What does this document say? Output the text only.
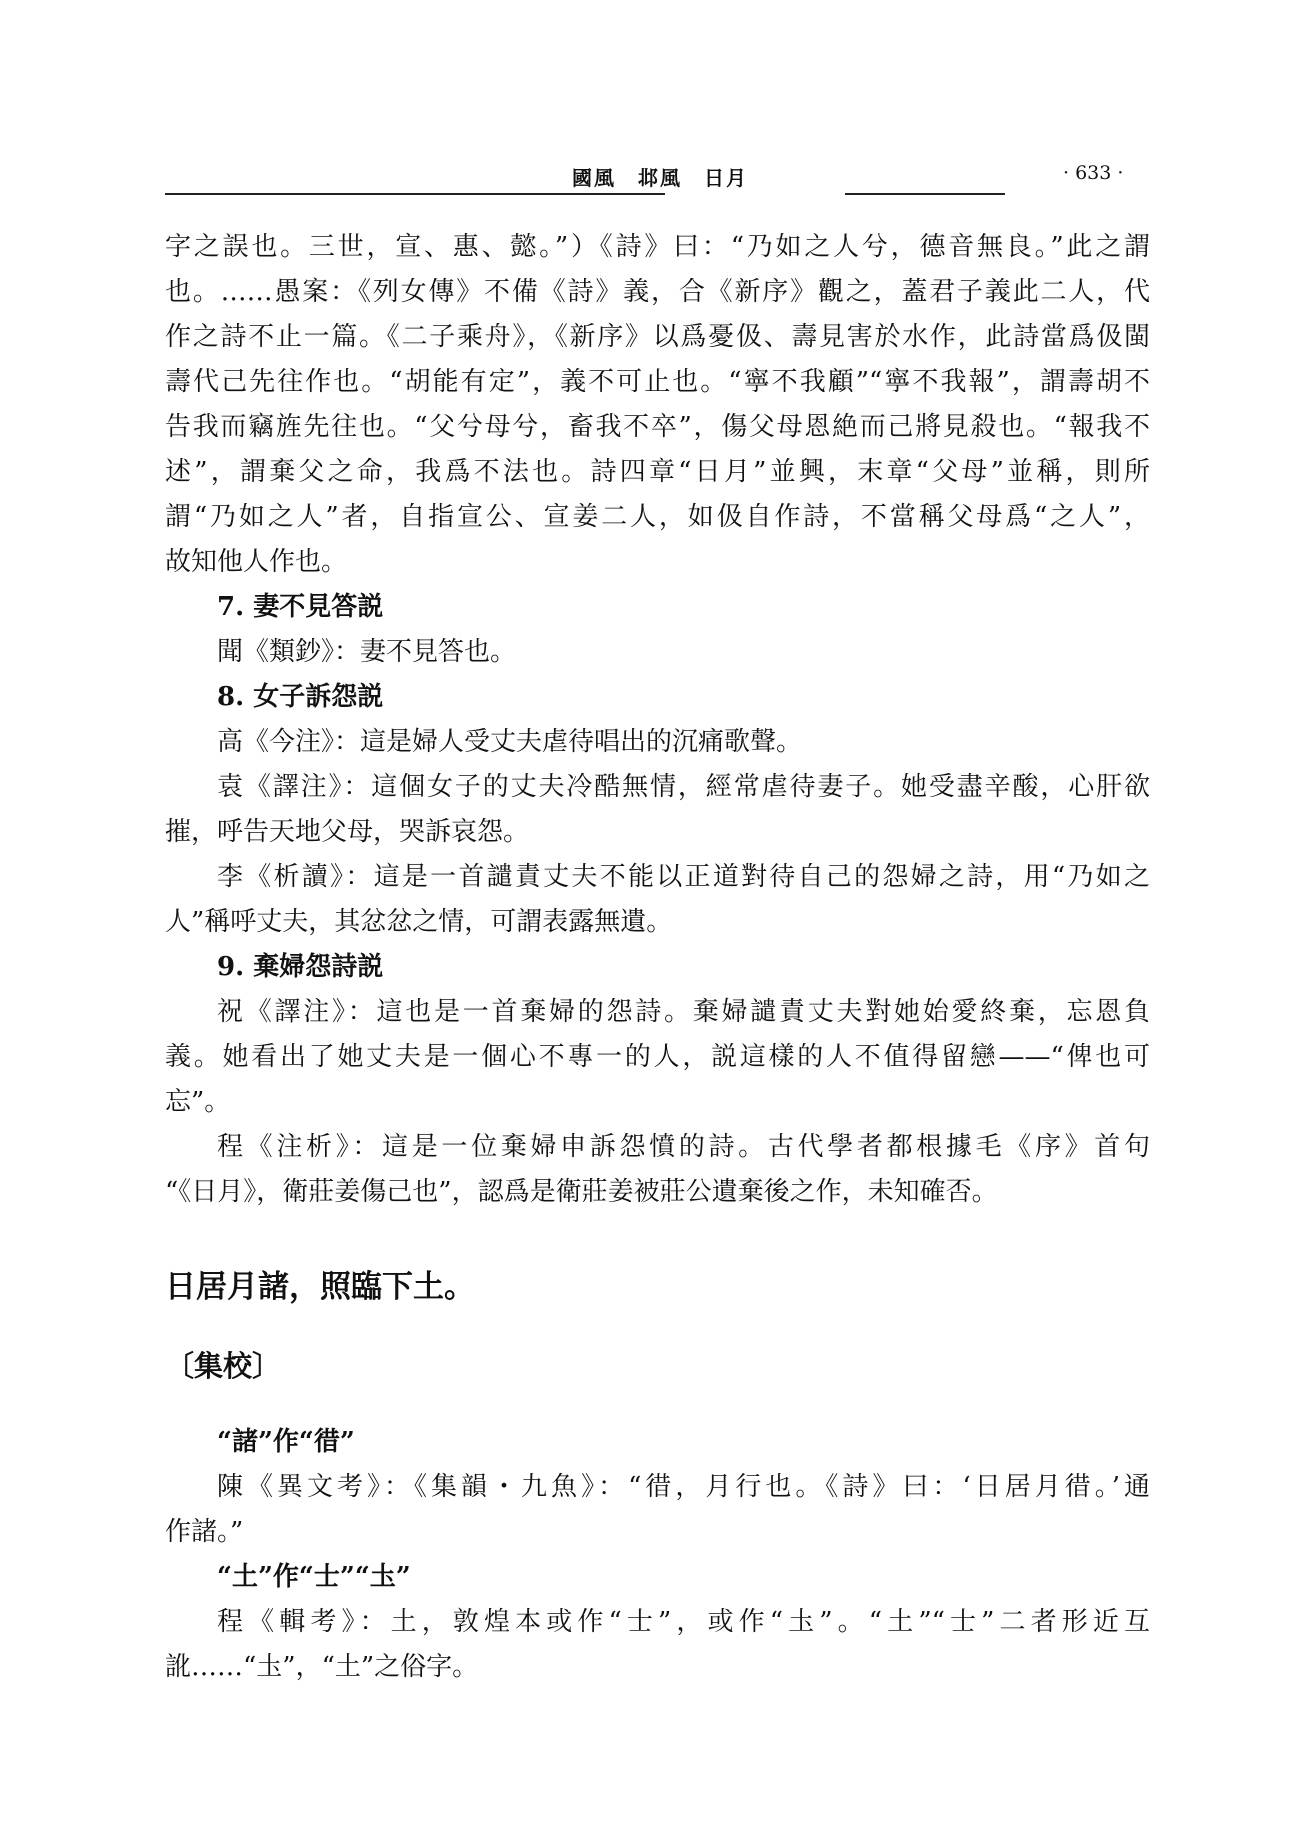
國風　邶風　日月	· 633 ·
字之誤也。三世，宣、惠、懿。”）《詩》曰：“乃如之人兮，德音無良。”此之謂
也。……愚案：《列女傳》不備《詩》義，合《新序》觀之，蓋君子義此二人，代
作之詩不止一篇。《二子乘舟》，《新序》以爲憂伋、壽見害於水作，此詩當爲伋閩
壽代己先往作也。“胡能有定”，義不可止也。“寧不我顧”“寧不我報”，謂壽胡不
告我而竊旌先往也。“父兮母兮，畜我不卒”，傷父母恩絶而己將見殺也。“報我不
述”，謂棄父之命，我爲不法也。詩四章“日月”並興，末章“父母”並稱，則所
謂“乃如之人”者，自指宣公、宣姜二人，如伋自作詩，不當稱父母爲“之人”，
故知他人作也。
7. 妻不見答説
聞《類鈔》：妻不見答也。
8. 女子訴怨説
高《今注》：這是婦人受丈夫虐待唱出的沉痛歌聲。
袁《譯注》：這個女子的丈夫冷酷無情，經常虐待妻子。她受盡辛酸，心肝欲
摧，呼告天地父母，哭訴哀怨。
李《析讀》：這是一首譴責丈夫不能以正道對待自己的怨婦之詩，用“乃如之
人”稱呼丈夫，其忿忿之情，可謂表露無遺。
9. 棄婦怨詩説
祝《譯注》：這也是一首棄婦的怨詩。棄婦譴責丈夫對她始愛終棄，忘恩負
義。她看出了她丈夫是一個心不專一的人，説這樣的人不值得留戀——“俾也可
忘”。
程《注析》：這是一位棄婦申訴怨憤的詩。古代學者都根據毛《序》首句
“《日月》，衛莊姜傷己也”，認爲是衛莊姜被莊公遺棄後之作，未知確否。
日居月諸，照臨下土。
〔集校〕
“諸”作“徣”
陳《異文考》：《集韻・九魚》：“徣，月行也。《詩》曰：‘日居月徣。’通
作諸。”
“土”作“士”“圡”
程《輯考》：土，敦煌本或作“士”，或作“圡”。“土”“士”二者形近互
訛……“圡”，“土”之俗字。
